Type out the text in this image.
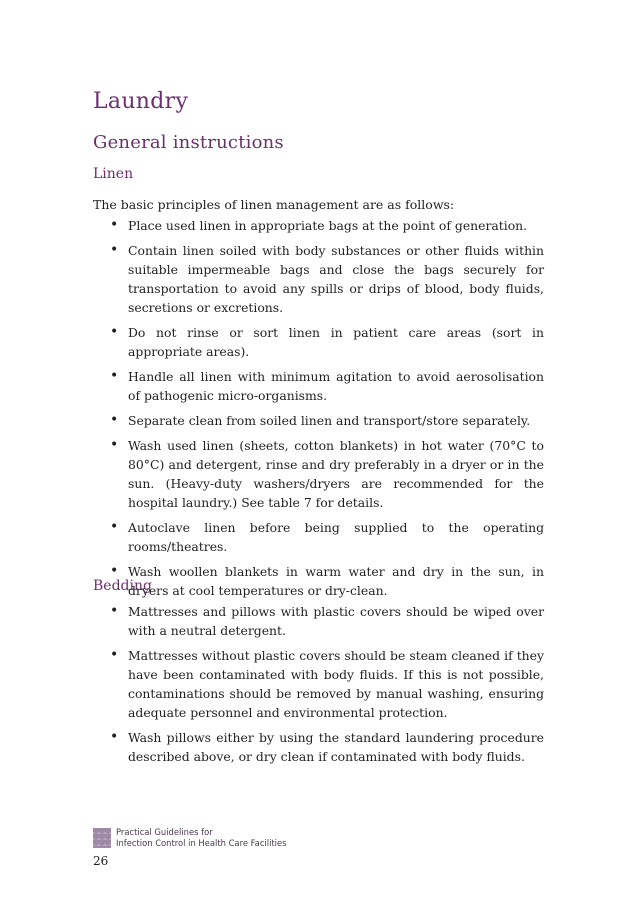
Laundry
General instructions
Linen

The basic principles of linen management are as follows:

• Place used linen in appropriate bags at the point of generation.
• Contain linen soiled with body substances or other fluids within suitable impermeable bags and close the bags securely for transportation to avoid any spills or drips of blood, body fluids, secretions or excretions.
• Do not rinse or sort linen in patient care areas (sort in appropriate areas).
• Handle all linen with minimum agitation to avoid aerosolisation of pathogenic micro-organisms.
• Separate clean from soiled linen and transport/store separately.
• Wash used linen (sheets, cotton blankets) in hot water (70°C to 80°C) and detergent, rinse and dry preferably in a dryer or in the sun. (Heavy-duty washers/dryers are recommended for the hospital laundry.) See table 7 for details.
• Autoclave linen before being supplied to the operating rooms/theatres.
• Wash woollen blankets in warm water and dry in the sun, in dryers at cool temperatures or dry-clean.
Bedding
• Mattresses and pillows with plastic covers should be wiped over with a neutral detergent.
• Mattresses without plastic covers should be steam cleaned if they have been contaminated with body fluids. If this is not possible, contaminations should be removed by manual washing, ensuring adequate personnel and environmental protection.
• Wash pillows either by using the standard laundering procedure described above, or dry clean if contaminated with body fluids.
Practical Guidelines for
Infection Control in Health Care Facilities
26
